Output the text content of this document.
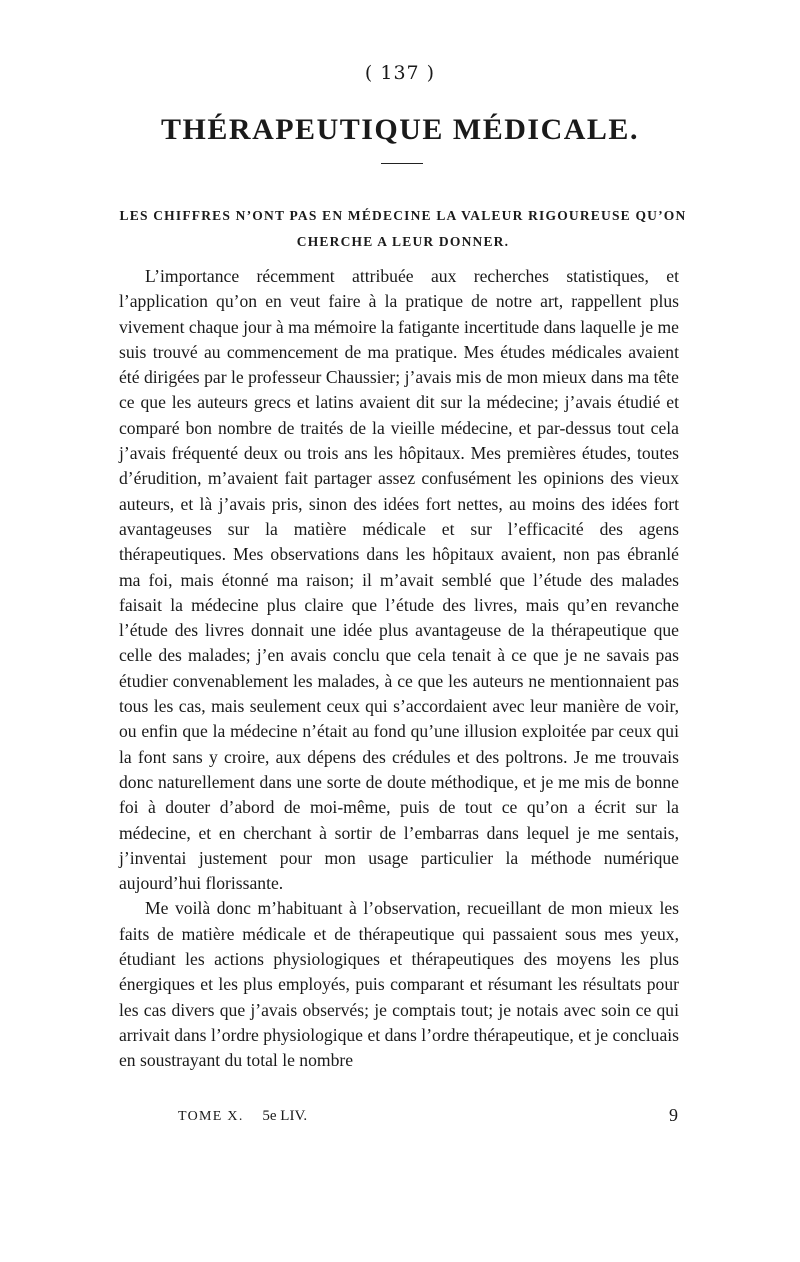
( 137 )
THÉRAPEUTIQUE MÉDICALE.
LES CHIFFRES N’ONT PAS EN MÉDECINE LA VALEUR RIGOUREUSE QU’ON CHERCHE A LEUR DONNER.

L’importance récemment attribuée aux recherches statistiques, et l’application qu’on en veut faire à la pratique de notre art, rappellent plus vivement chaque jour à ma mémoire la fatigante incertitude dans laquelle je me suis trouvé au commencement de ma pratique. Mes études médicales avaient été dirigées par le professeur Chaussier; j’avais mis de mon mieux dans ma tête ce que les auteurs grecs et latins avaient dit sur la médecine; j’avais étudié et comparé bon nombre de traités de la vieille médecine, et par-dessus tout cela j’avais fréquenté deux ou trois ans les hôpitaux. Mes premières études, toutes d’érudition, m’avaient fait partager assez confusément les opinions des vieux auteurs, et là j’avais pris, sinon des idées fort nettes, au moins des idées fort avantageuses sur la matière médicale et sur l’efficacité des agens thérapeutiques. Mes observations dans les hôpitaux avaient, non pas ébranlé ma foi, mais étonné ma raison; il m’avait semblé que l’étude des malades faisait la médecine plus claire que l’étude des livres, mais qu’en revanche l’étude des livres donnait une idée plus avantageuse de la thérapeutique que celle des malades; j’en avais conclu que cela tenait à ce que je ne savais pas étudier convenablement les malades, à ce que les auteurs ne mentionnaient pas tous les cas, mais seulement ceux qui s’accordaient avec leur manière de voir, ou enfin que la médecine n’était au fond qu’une illusion exploitée par ceux qui la font sans y croire, aux dépens des crédules et des poltrons. Je me trouvais donc naturellement dans une sorte de doute méthodique, et je me mis de bonne foi à douter d’abord de moi-même, puis de tout ce qu’on a écrit sur la médecine, et en cherchant à sortir de l’embarras dans lequel je me sentais, j’inventai justement pour mon usage particulier la méthode numérique aujourd’hui florissante.

Me voilà donc m’habituant à l’observation, recueillant de mon mieux les faits de matière médicale et de thérapeutique qui passaient sous mes yeux, étudiant les actions physiologiques et thérapeutiques des moyens les plus énergiques et les plus employés, puis comparant et résumant les résultats pour les cas divers que j’avais observés; je comptais tout; je notais avec soin ce qui arrivait dans l’ordre physiologique et dans l’ordre thérapeutique, et je concluais en soustrayant du total le nombre

TOME X. 5e LIV.	9
